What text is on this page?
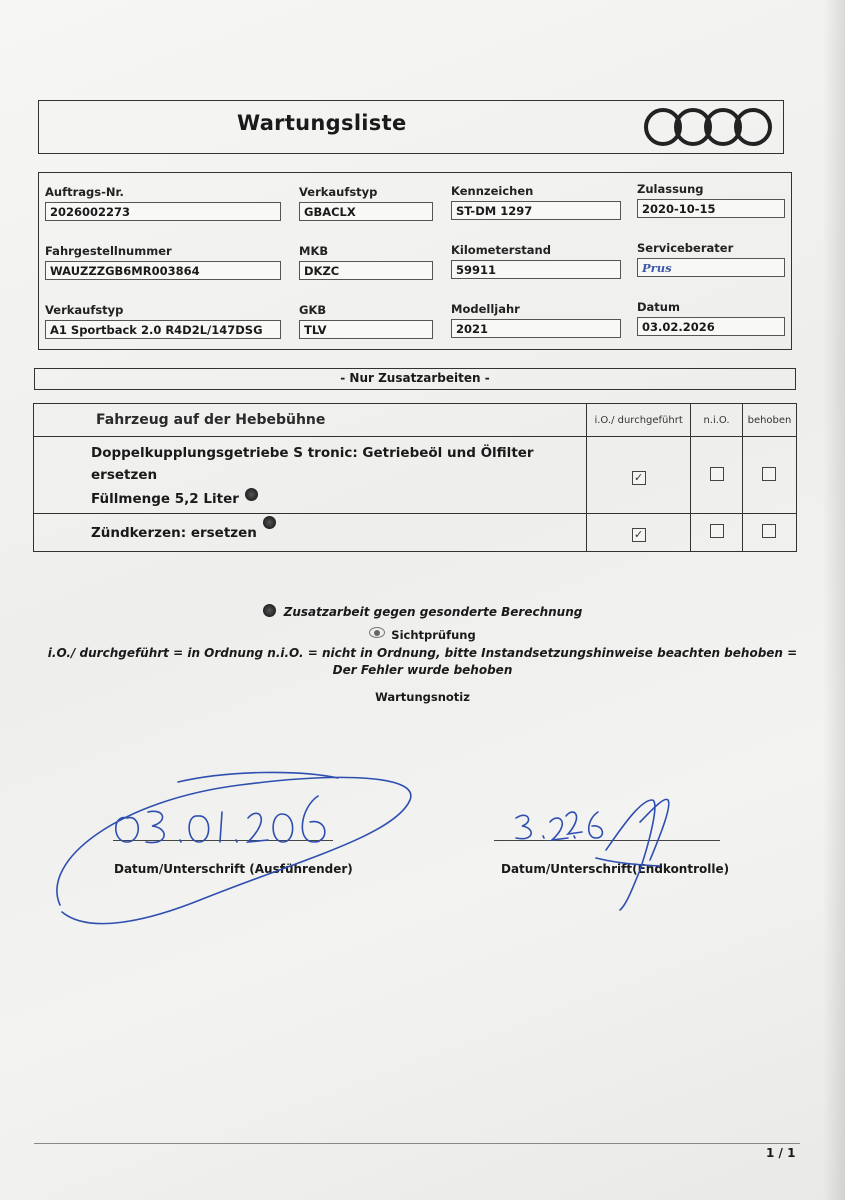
Wartungsliste
Auftrags-Nr.
2026002273
Verkaufstyp
GBACLX
Kennzeichen
ST-DM 1297
Zulassung
2020-10-15
Fahrgestellnummer
WAUZZZGB6MR003864
MKB
DKZC
Kilometerstand
59911
Serviceberater
Prus
Verkaufstyp
A1 Sportback 2.0 R4D2L/147DSG
GKB
TLV
Modelljahr
2021
Datum
03.02.2026
- Nur Zusatzarbeiten -
Fahrzeug auf der Hebebühne	i.O./ durchgeführt	n.i.O.	behoben

Doppelkupplungsgetriebe S tronic: Getriebeöl und Ölfilter ersetzen
Füllmenge 5,2 Liter	✓		

Zündkerzen: ersetzen	✓		
Zusatzarbeit gegen gesonderte Berechnung
Sichtprüfung
i.O./ durchgeführt = in Ordnung n.i.O. = nicht in Ordnung, bitte Instandsetzungshinweise beachten behoben = Der Fehler wurde behoben
Wartungsnotiz
Datum/Unterschrift (Ausführender)	Datum/Unterschrift(Endkontrolle)
1 / 1
